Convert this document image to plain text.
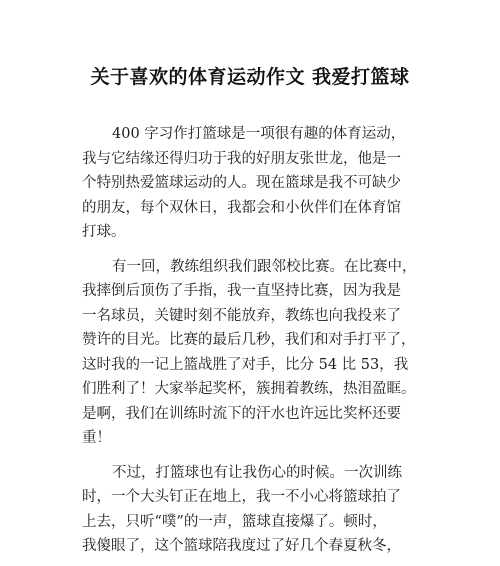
关于喜欢的体育运动作文 我爱打篮球
400 字习作打篮球是一项很有趣的体育运动，
我与它结缘还得归功于我的好朋友张世龙，他是一
个特别热爱篮球运动的人。现在篮球是我不可缺少
的朋友，每个双休日，我都会和小伙伴们在体育馆
打球。
有一回，教练组织我们跟邻校比赛。在比赛中，
我摔倒后顶伤了手指，我一直坚持比赛，因为我是
一名球员，关键时刻不能放弃，教练也向我投来了
赞许的目光。比赛的最后几秒，我们和对手打平了，
这时我的一记上篮战胜了对手，比分 54 比 53，我
们胜利了！大家举起奖杯，簇拥着教练，热泪盈眶。
是啊，我们在训练时流下的汗水也许远比奖杯还要
重！
不过，打篮球也有让我伤心的时候。一次训练
时，一个大头钉正在地上，我一不小心将篮球拍了
上去，只听“噗”的一声，篮球直接爆了。顿时，
我傻眼了，这个篮球陪我度过了好几个春夏秋冬，
